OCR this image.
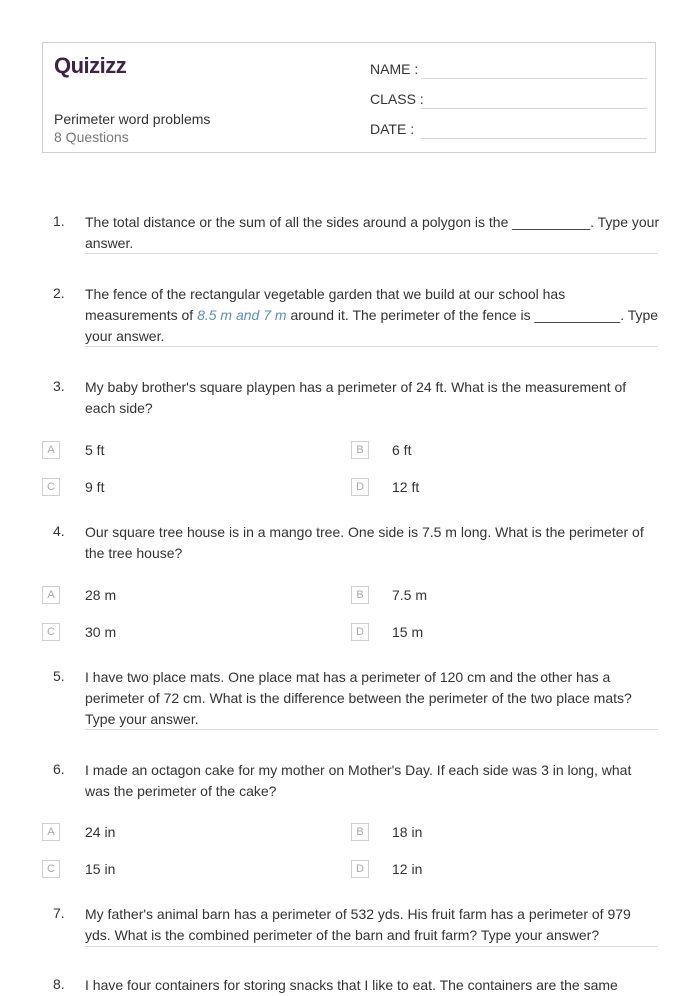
Quizizz
Perimeter word problems
8 Questions
NAME :
CLASS :
DATE :
1. The total distance or the sum of all the sides around a polygon is the __________. Type your answer.
2. The fence of the rectangular vegetable garden that we build at our school has measurements of 8.5 m and 7 m around it. The perimeter of the fence is ___________. Type your answer.
3. My baby brother's square playpen has a perimeter of 24 ft. What is the measurement of each side?
A	5 ft	B	6 ft
C	9 ft	D	12 ft
4. Our square tree house is in a mango tree. One side is 7.5 m long. What is the perimeter of the tree house?
A	28 m	B	7.5 m
C	30 m	D	15 m
5. I have two place mats. One place mat has a perimeter of 120 cm and the other has a perimeter of 72 cm. What is the difference between the perimeter of the two place mats? Type your answer.
6. I made an octagon cake for my mother on Mother's Day. If each side was 3 in long, what was the perimeter of the cake?
A	24 in	B	18 in
C	15 in	D	12 in
7. My father's animal barn has a perimeter of 532 yds. His fruit farm has a perimeter of 979 yds. What is the combined perimeter of the barn and fruit farm? Type your answer?
8. I have four containers for storing snacks that I like to eat. The containers are the same
